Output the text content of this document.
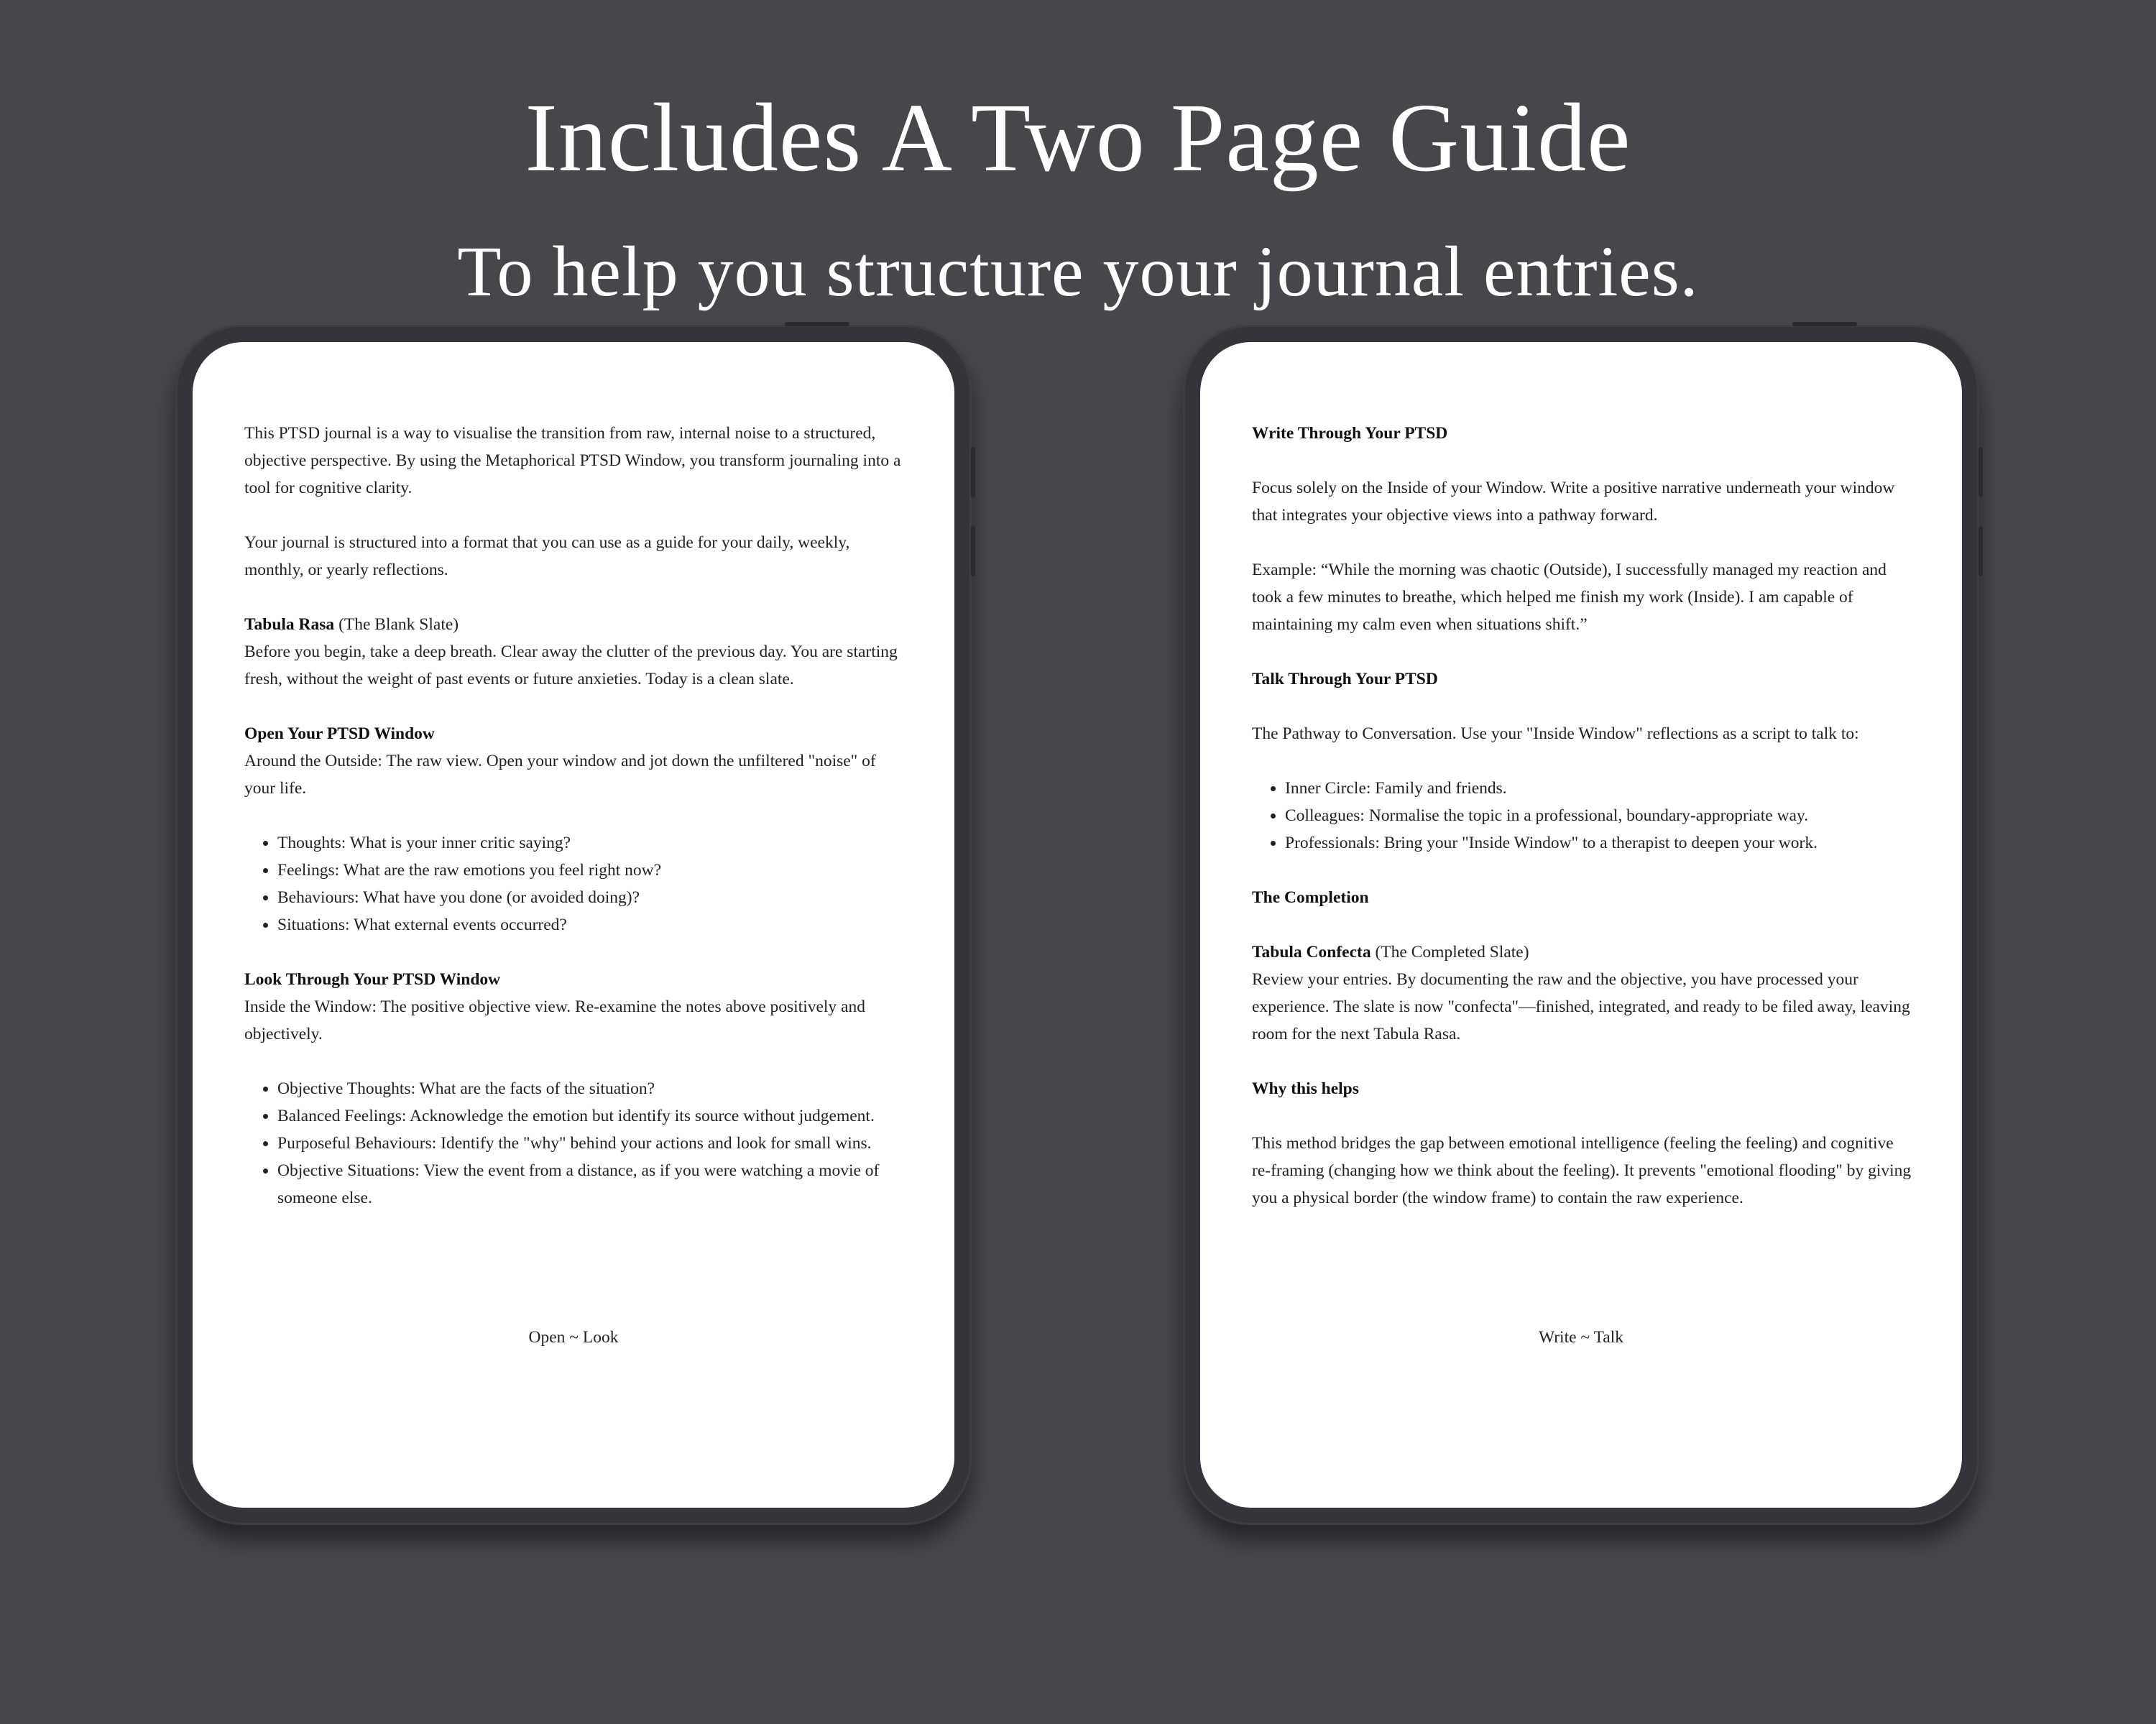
Includes A Two Page Guide
To help you structure your journal entries.

This PTSD journal is a way to visualise the transition from raw, internal noise to a structured, objective perspective. By using the Metaphorical PTSD Window, you transform journaling into a tool for cognitive clarity.

Your journal is structured into a format that you can use as a guide for your daily, weekly, monthly, or yearly reflections.

Tabula Rasa (The Blank Slate)
Before you begin, take a deep breath. Clear away the clutter of the previous day. You are starting fresh, without the weight of past events or future anxieties. Today is a clean slate.

Open Your PTSD Window
Around the Outside: The raw view. Open your window and jot down the unfiltered "noise" of your life.

• Thoughts: What is your inner critic saying?
• Feelings: What are the raw emotions you feel right now?
• Behaviours: What have you done (or avoided doing)?
• Situations: What external events occurred?

Look Through Your PTSD Window
Inside the Window: The positive objective view. Re-examine the notes above positively and objectively.

• Objective Thoughts: What are the facts of the situation?
• Balanced Feelings: Acknowledge the emotion but identify its source without judgement.
• Purposeful Behaviours: Identify the "why" behind your actions and look for small wins.
• Objective Situations: View the event from a distance, as if you were watching a movie of someone else.
Open ~ Look

Write Through Your PTSD

Focus solely on the Inside of your Window. Write a positive narrative underneath your window that integrates your objective views into a pathway forward.

Example: “While the morning was chaotic (Outside), I successfully managed my reaction and took a few minutes to breathe, which helped me finish my work (Inside). I am capable of maintaining my calm even when situations shift.”

Talk Through Your PTSD

The Pathway to Conversation. Use your "Inside Window" reflections as a script to talk to:

• Inner Circle: Family and friends.
• Colleagues: Normalise the topic in a professional, boundary-appropriate way.
• Professionals: Bring your "Inside Window" to a therapist to deepen your work.

The Completion

Tabula Confecta (The Completed Slate)
Review your entries. By documenting the raw and the objective, you have processed your experience. The slate is now "confecta"—finished, integrated, and ready to be filed away, leaving room for the next Tabula Rasa.

Why this helps

This method bridges the gap between emotional intelligence (feeling the feeling) and cognitive re-framing (changing how we think about the feeling). It prevents "emotional flooding" by giving you a physical border (the window frame) to contain the raw experience.

Write ~ Talk
